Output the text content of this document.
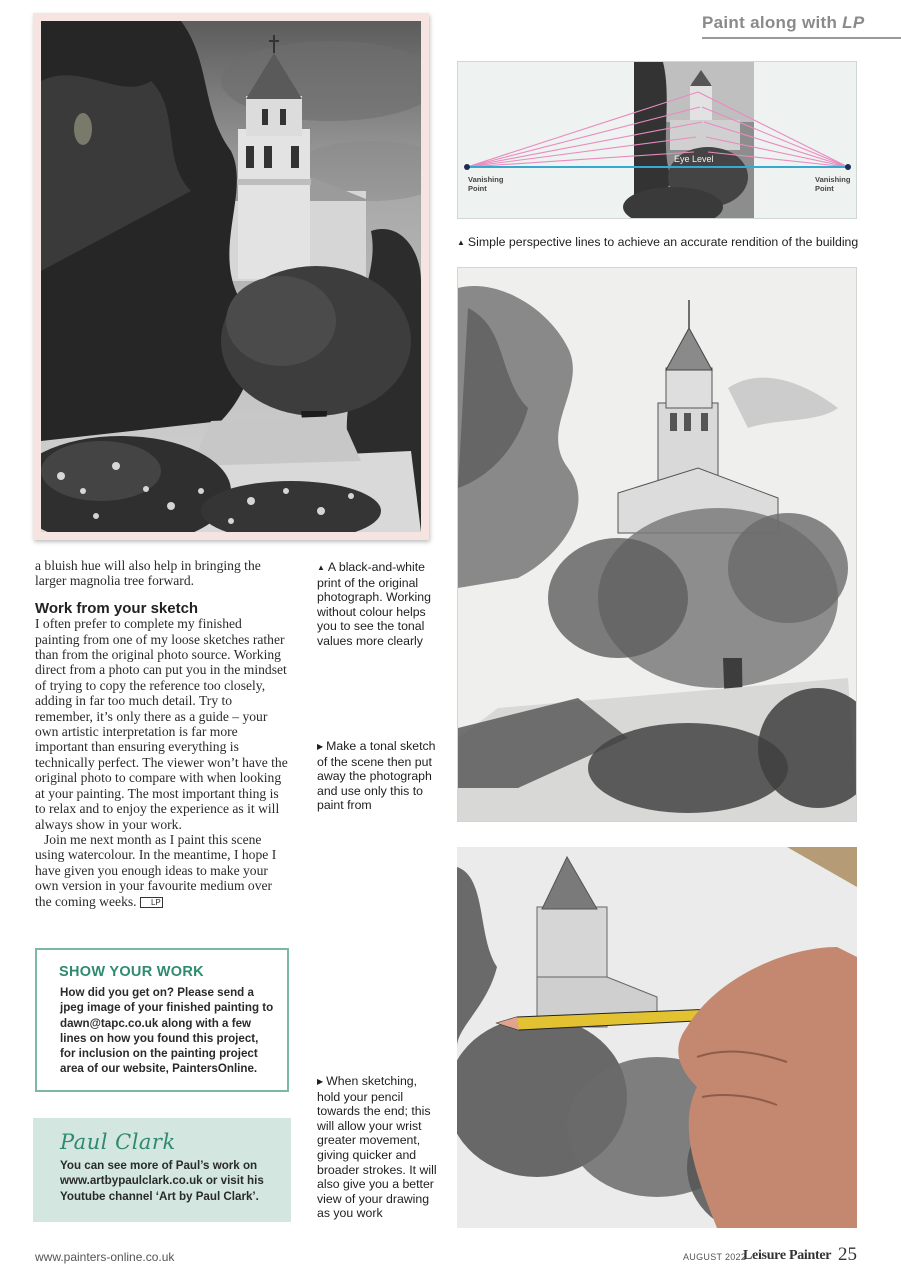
Paint along with LP
Eye Level
Vanishing
Point
Vanishing
Point
▲ Simple perspective lines to achieve an accurate rendition of the building
▲ A black-and-white print of the original photograph. Working without colour helps you to see the tonal values more clearly
▶ Make a tonal sketch of the scene then put away the photograph and use only this to paint from
▶ When sketching, hold your pencil towards the end; this will allow your wrist greater movement, giving quicker and broader strokes. It will also give you a better view of your drawing as you work

a bluish hue will also help in bringing the larger magnolia tree forward.

Work from your sketch

I often prefer to complete my finished painting from one of my loose sketches rather than from the original photo source. Working direct from a photo can put you in the mindset of trying to copy the reference too closely, adding in far too much detail. Try to remember, it’s only there as a guide – your own artistic interpretation is far more important than ensuring everything is technically perfect. The viewer won’t have the original photo to compare with when looking at your painting. The most important thing is to relax and to enjoy the experience as it will always show in your work.

Join me next month as I paint this scene using watercolour. In the meantime, I hope I have given you enough ideas to make your own version in your favourite medium over the coming weeks. LP

SHOW YOUR WORK
How did you get on? Please send a jpeg image of your finished painting to dawn@tapc.co.uk along with a few lines on how you found this project, for inclusion on the painting project area of our website, PaintersOnline.
Paul Clark
You can see more of Paul’s work on www.artbypaulclark.co.uk or visit his Youtube channel ‘Art by Paul Clark’.
www.painters-online.co.uk	AUGUST 2022
Leisure Painter 25
